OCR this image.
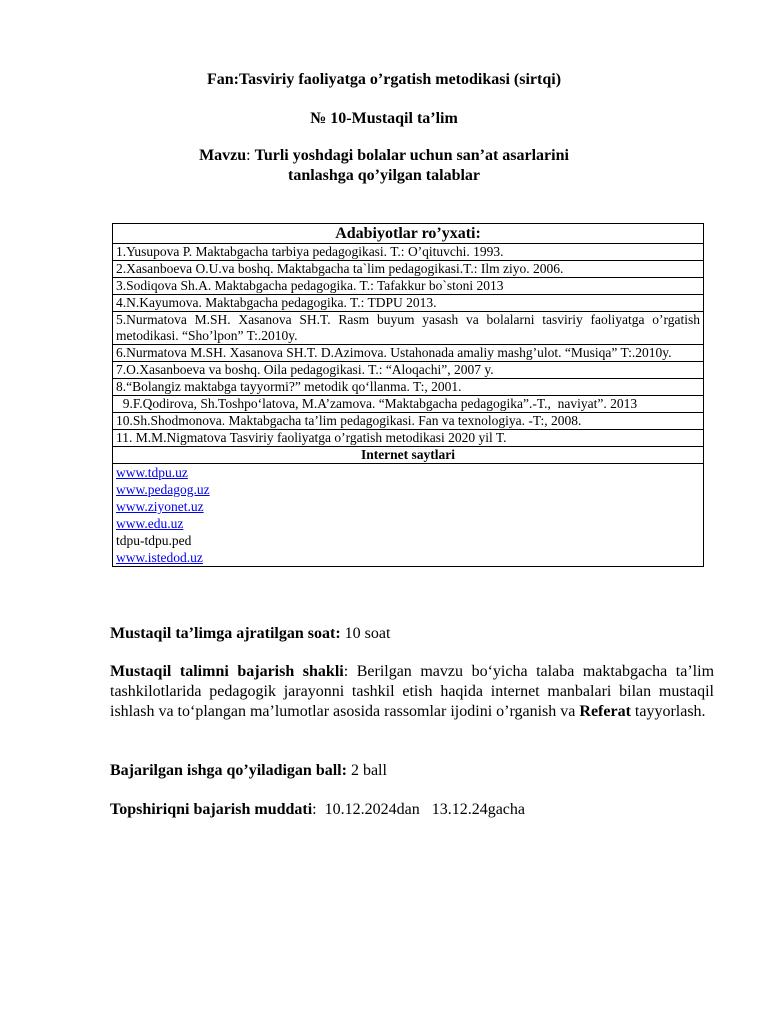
Fan:Tasviriy faoliyatga o’rgatish metodikasi (sirtqi)
№ 10-Mustaqil ta’lim
Mavzu: Turli yoshdagi bolalar uchun san’at asarlarini
tanlashga qo’yilgan talablar
Adabiyotlar ro’yxati:
1.Yusupova P. Maktabgacha tarbiya pedagogikasi. T.: O’qituvchi. 1993.
2.Xasanboeva O.U.va boshq. Maktabgacha ta`lim pedagogikasi.T.: Ilm ziyo. 2006.
3.Sodiqova Sh.A. Maktabgacha pedagogika. T.: Tafakkur bo`stoni 2013
4.N.Kayumova. Maktabgacha pedagogika. T.: TDPU 2013.
5.Nurmatova M.SH. Xasanova SH.T. Rasm buyum yasash va bolalarni tasviriy faoliyatga o’rgatish metodikasi. “Sho’lpon” T:.2010y.
6.Nurmatova M.SH. Xasanova SH.T. D.Azimova. Ustahonada amaliy mashg’ulot. “Musiqa” T:.2010y.
7.O.Xasanboeva va boshq. Oila pedagogikasi. T.: “Aloqachi”, 2007 y.
8.“Bolangiz maktabga tayyormi?” metodik qo‘llanma. T:, 2001.
9.F.Qodirova, Sh.Toshpo‘latova, M.A’zamova. “Maktabgacha pedagogika”.-T.,  naviyat”. 2013
10.Sh.Shodmonova. Maktabgacha ta’lim pedagogikasi. Fan va texnologiya. -T:, 2008.
11. M.M.Nigmatova Tasviriy faoliyatga o’rgatish metodikasi 2020 yil T.
Internet saytlari

www.tdpu.uz
www.pedagog.uz
www.ziyonet.uz
www.edu.uz
tdpu-tdpu.ped
www.istedod.uz
Mustaqil ta’limga ajratilgan soat: 10 soat
Mustaqil talimni bajarish shakli: Berilgan mavzu bo‘yicha talaba maktabgacha ta’lim tashkilotlarida pedagogik jarayonni tashkil etish haqida internet manbalari bilan mustaqil ishlash va to‘plangan ma’lumotlar asosida rassomlar ijodini o’rganish va Referat tayyorlash.
Bajarilgan ishga qo’yiladigan ball: 2 ball
Topshiriqni bajarish muddati:  10.12.2024dan   13.12.24gacha
